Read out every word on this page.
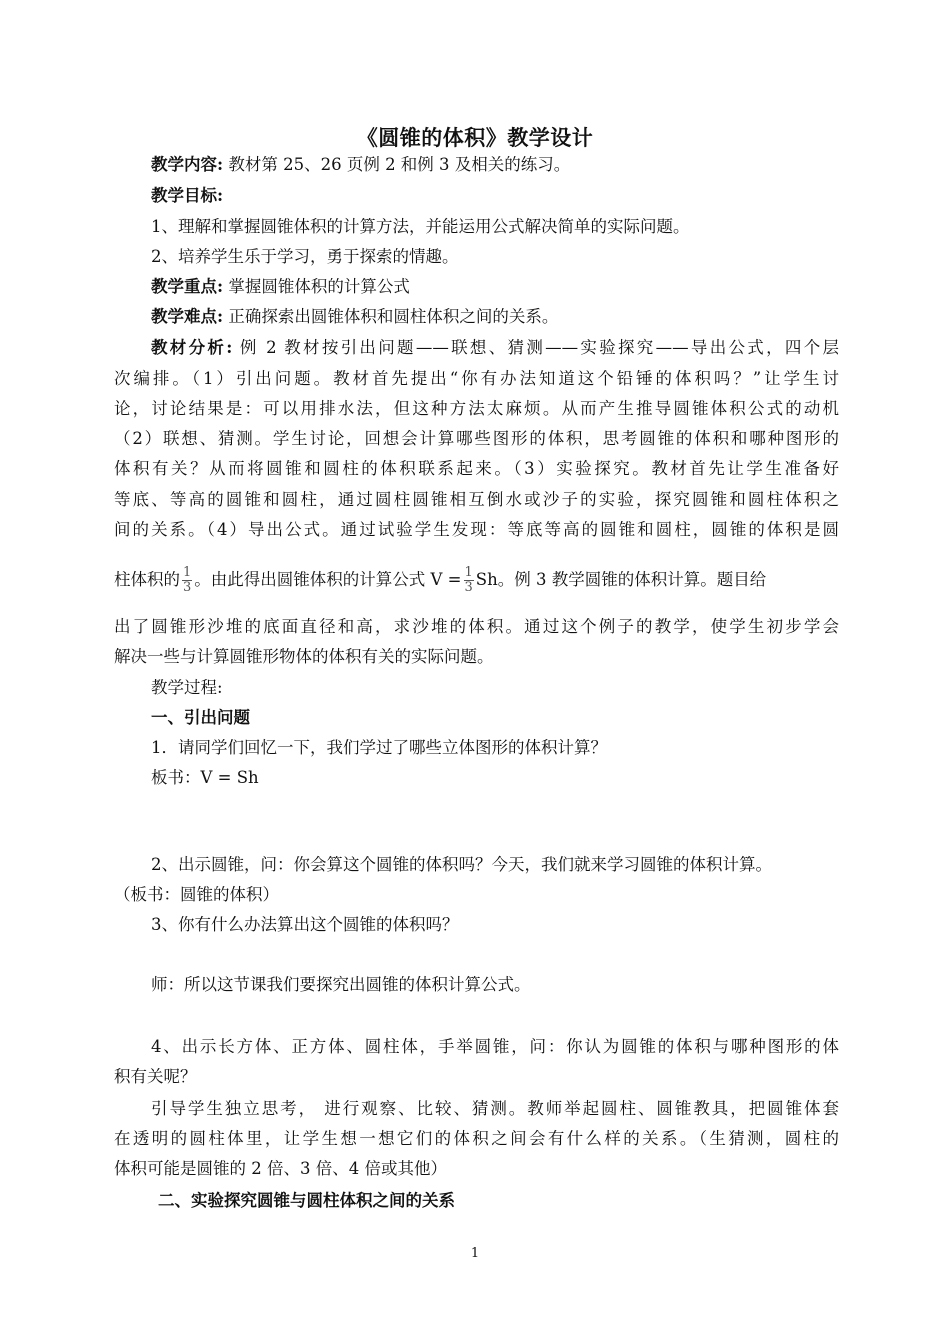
《圆锥的体积》教学设计
教学内容: 教材第 25、26 页例 2 和例 3 及相关的练习。
教学目标:
1、理解和掌握圆锥体积的计算方法，并能运用公式解决简单的实际问题。
2、培养学生乐于学习，勇于探索的情趣。
教学重点: 掌握圆锥体积的计算公式
教学难点: 正确探索出圆锥体积和圆柱体积之间的关系。
教材分析: 例 2 教材按引出问题——联想、猜测——实验探究——导出公式，四个层
次编排。（1）引出问题。教材首先提出“你有办法知道这个铅锤的体积吗？”让学生讨
论，讨论结果是：可以用排水法，但这种方法太麻烦。从而产生推导圆锥体积公式的动机
（2）联想、猜测。学生讨论，回想会计算哪些图形的体积，思考圆锥的体积和哪种图形的
体积有关？从而将圆锥和圆柱的体积联系起来。（3）实验探究。教材首先让学生准备好
等底、等高的圆锥和圆柱，通过圆柱圆锥相互倒水或沙子的实验，探究圆锥和圆柱体积之
间的关系。（4）导出公式。通过试验学生发现：等底等高的圆锥和圆柱，圆锥的体积是圆
柱体积的 $\frac{1}{3}$ 。由此得出圆锥体积的计算公式 $V = \frac{1}{3}$ Sh。例 3 教学圆锥的体积计算。题目给
出了圆锥形沙堆的底面直径和高，求沙堆的体积。通过这个例子的教学，使学生初步学会
解决一些与计算圆锥形物体的体积有关的实际问题。
教学过程:
一、引出问题
1．请同学们回忆一下，我们学过了哪些立体图形的体积计算？
板书：V = Sh
2、出示圆锥，问：你会算这个圆锥的体积吗？今天，我们就来学习圆锥的体积计算。
（板书：圆锥的体积）
3、你有什么办法算出这个圆锥的体积吗？
师：所以这节课我们要探究出圆锥的体积计算公式。
4、出示长方体、正方体、圆柱体，手举圆锥，问：你认为圆锥的体积与哪种图形的体
积有关呢？
引导学生独立思考， 进行观察、比较、猜测。教师举起圆柱、圆锥教具，把圆锥体套
在透明的圆柱体里，让学生想一想它们的体积之间会有什么样的关系。（生猜测，圆柱的
体积可能是圆锥的 2 倍、3 倍、4 倍或其他）
二、实验探究圆锥与圆柱体积之间的关系
1
